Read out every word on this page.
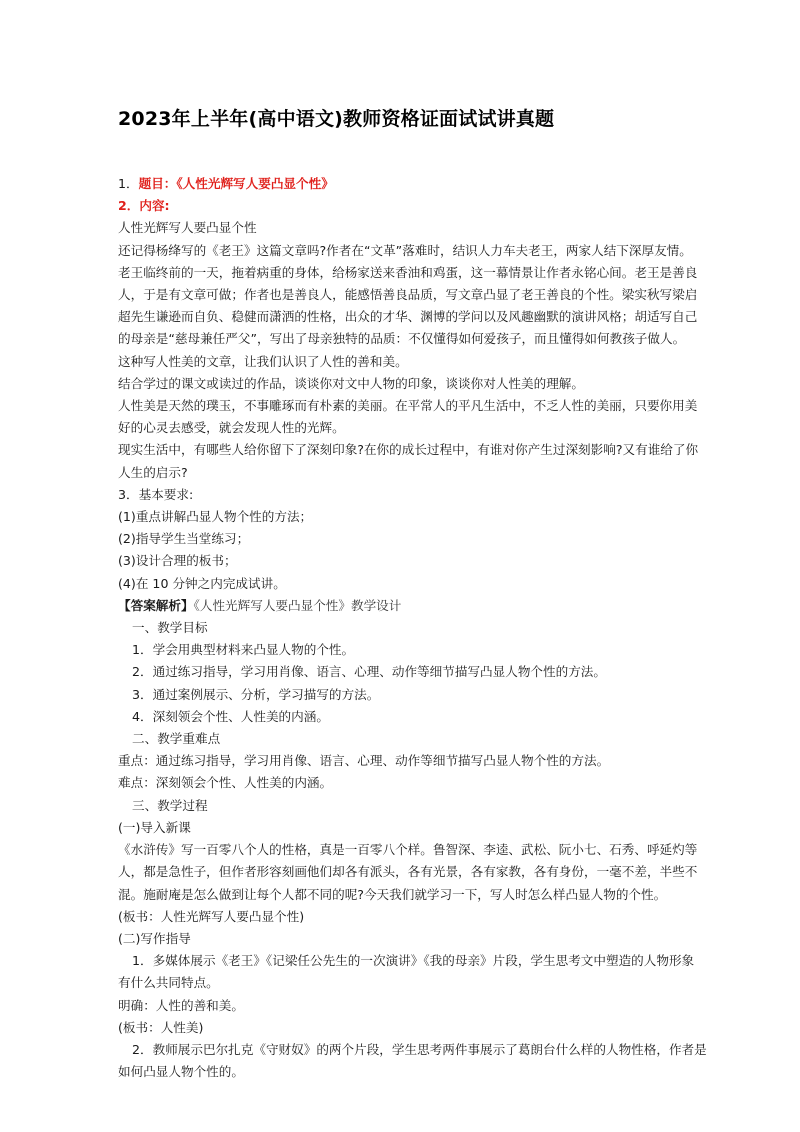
2023年上半年(高中语文)教师资格证面试试讲真题

1．题目：《人性光辉写人要凸显个性》

2．内容:

人性光辉写人要凸显个性

还记得杨绛写的《老王》这篇文章吗?作者在“文革”落难时，结识人力车夫老王，两家人结下深厚友情。

老王临终前的一天，拖着病重的身体，给杨家送来香油和鸡蛋，这一幕情景让作者永铭心间。老王是善良

人，于是有文章可做；作者也是善良人，能感悟善良品质，写文章凸显了老王善良的个性。梁实秋写梁启

超先生谦逊而自负、稳健而潇洒的性格，出众的才华、渊博的学问以及风趣幽默的演讲风格；胡适写自己

的母亲是“慈母兼任严父”，写出了母亲独特的品质：不仅懂得如何爱孩子，而且懂得如何教孩子做人。

这种写人性美的文章，让我们认识了人性的善和美。

结合学过的课文或读过的作品，谈谈你对文中人物的印象，谈谈你对人性美的理解。

人性美是天然的璞玉，不事雕琢而有朴素的美丽。在平常人的平凡生活中，不乏人性的美丽，只要你用美

好的心灵去感受，就会发现人性的光辉。

现实生活中，有哪些人给你留下了深刻印象?在你的成长过程中，有谁对你产生过深刻影响?又有谁给了你

人生的启示?

3．基本要求:

(1)重点讲解凸显人物个性的方法；

(2)指导学生当堂练习；

(3)设计合理的板书；

(4)在 10 分钟之内完成试讲。

【答案解析】《人性光辉写人要凸显个性》教学设计

一、教学目标

1．学会用典型材料来凸显人物的个性。

2．通过练习指导，学习用肖像、语言、心理、动作等细节描写凸显人物个性的方法。

3．通过案例展示、分析，学习描写的方法。

4．深刻领会个性、人性美的内涵。

二、教学重难点

重点：通过练习指导，学习用肖像、语言、心理、动作等细节描写凸显人物个性的方法。

难点：深刻领会个性、人性美的内涵。

三、教学过程

(一)导入新课

《水浒传》写一百零八个人的性格，真是一百零八个样。鲁智深、李逵、武松、阮小七、石秀、呼延灼等

人，都是急性子，但作者形容刻画他们却各有派头，各有光景，各有家教，各有身份，一毫不差，半些不

混。施耐庵是怎么做到让每个人都不同的呢?今天我们就学习一下，写人时怎么样凸显人物的个性。

(板书：人性光辉写人要凸显个性)

(二)写作指导

1．多媒体展示《老王》《记梁任公先生的一次演讲》《我的母亲》片段，学生思考文中塑造的人物形象

有什么共同特点。

明确：人性的善和美。

(板书：人性美)

2．教师展示巴尔扎克《守财奴》的两个片段，学生思考两件事展示了葛朗台什么样的人物性格，作者是

如何凸显人物个性的。
